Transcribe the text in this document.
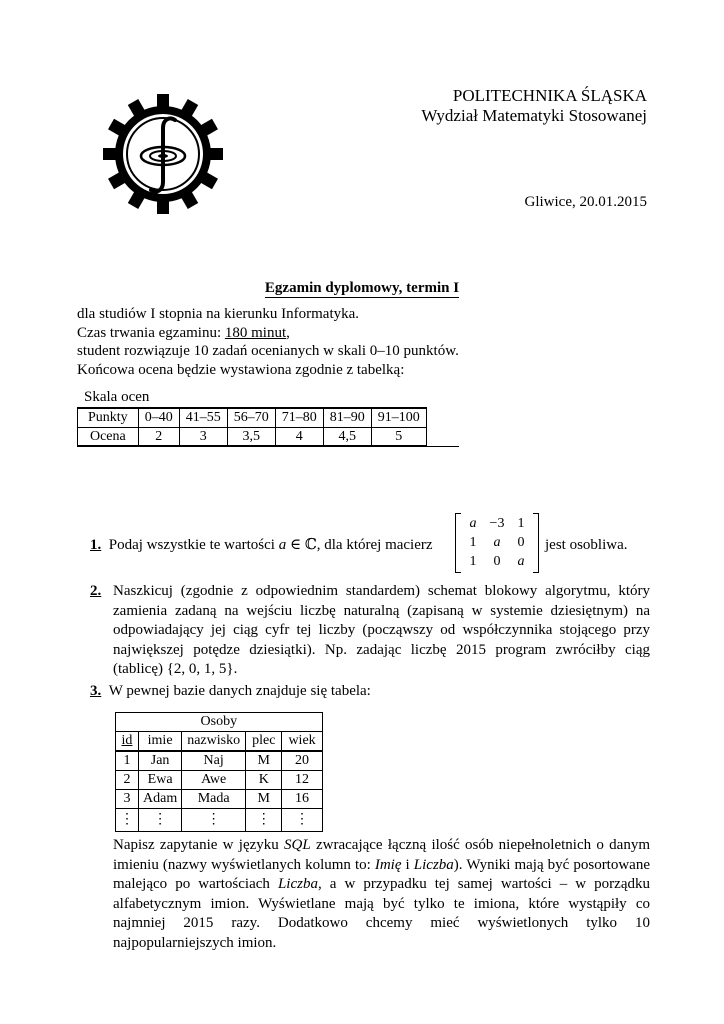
POLITECHNIKA ŚLĄSKA
Wydział Matematyki Stosowanej
Gliwice, 20.01.2015
Egzamin dyplomowy, termin I
dla studiów I stopnia na kierunku Informatyka.
Czas trwania egzaminu: 180 minut,
student rozwiązuje 10 zadań ocenianych w skali 0–10 punktów.
Końcowa ocena będzie wystawiona zgodnie z tabelką:
Skala ocen
Punkty	0–40	41–55	56–70	71–80	81–90	91–100
Ocena	2	3	3,5	4	4,5	5
1. Podaj wszystkie te wartości a ∈ ℂ, dla której macierz
a −3 1
1	a	0
1	0	a
jest osobliwa.
2. Naszkicuj (zgodnie z odpowiednim standardem) schemat blokowy algorytmu, który zamienia zadaną na wejściu liczbę naturalną (zapisaną w systemie dziesiętnym) na odpowiadający jej ciąg cyfr tej liczby (począwszy od współczynnika stojącego przy największej potędze dziesiątki). Np. zadając liczbę 2015 program zwróciłby ciąg (tablicę) {2, 0, 1, 5}.
3. W pewnej bazie danych znajduje się tabela:
Osoby				
id	imie	nazwisko	plec	wiek
1	Jan	Naj	M	20
2	Ewa	Awe	K	12
3	Adam	Mada	M	16
⋮	⋮	⋮	⋮	⋮
Napisz zapytanie w języku SQL zwracające łączną ilość osób niepełnoletnich o danym imieniu (nazwy wyświetlanych kolumn to: Imię i Liczba). Wyniki mają być posortowane malejąco po wartościach Liczba, a w przypadku tej samej wartości – w porządku alfabetycznym imion. Wyświetlane mają być tylko te imiona, które wystąpiły co najmniej 2015 razy. Dodatkowo chcemy mieć wyświetlonych tylko 10 najpopularniejszych imion.
